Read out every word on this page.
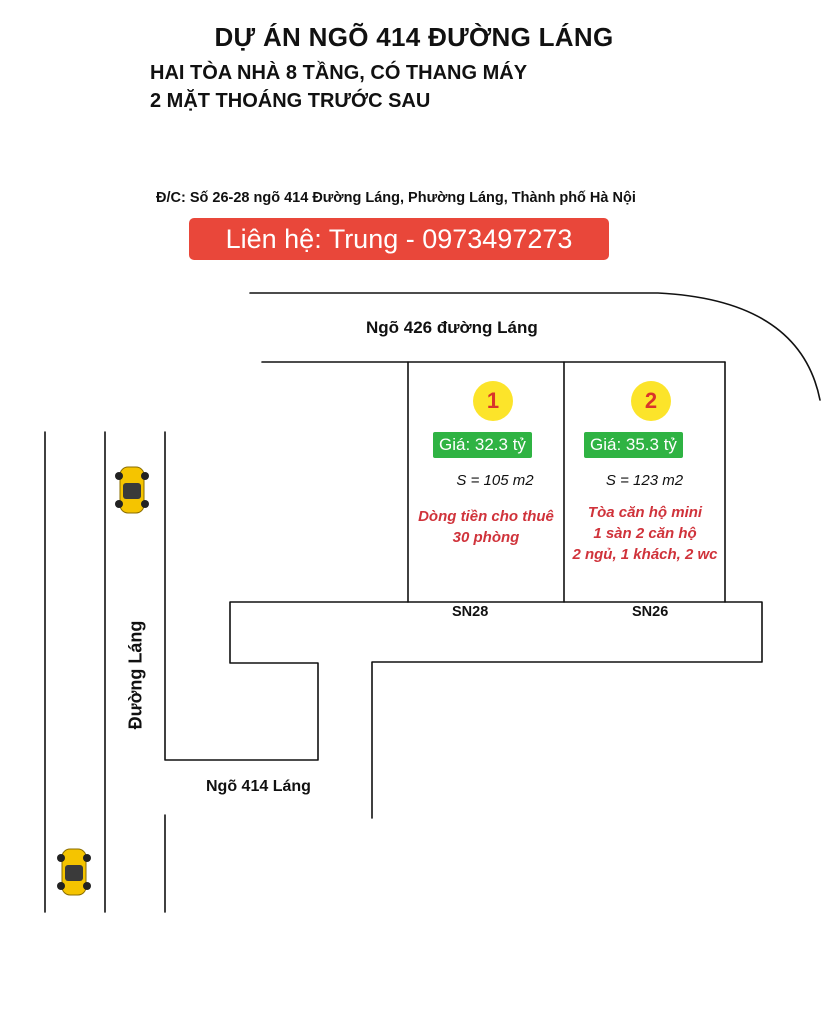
DỰ ÁN NGÕ 414 ĐƯỜNG LÁNG
HAI TÒA NHÀ 8 TẦNG, CÓ THANG MÁY
2 MẶT THOÁNG TRƯỚC SAU
Đ/C: Số 26-28 ngõ 414 Đường Láng, Phường Láng, Thành phố Hà Nội
Liên hệ: Trung - 0973497273
Ngõ 426 đường Láng
Đường Láng
Ngõ 414 Láng
1
Giá: 32.3 tỷ
S = 105 m2
Dòng tiền cho thuê
30 phòng
SN28
2
Giá: 35.3 tỷ
S = 123 m2
Tòa căn hộ mini
1 sàn 2 căn hộ
2 ngủ, 1 khách, 2 wc
SN26
